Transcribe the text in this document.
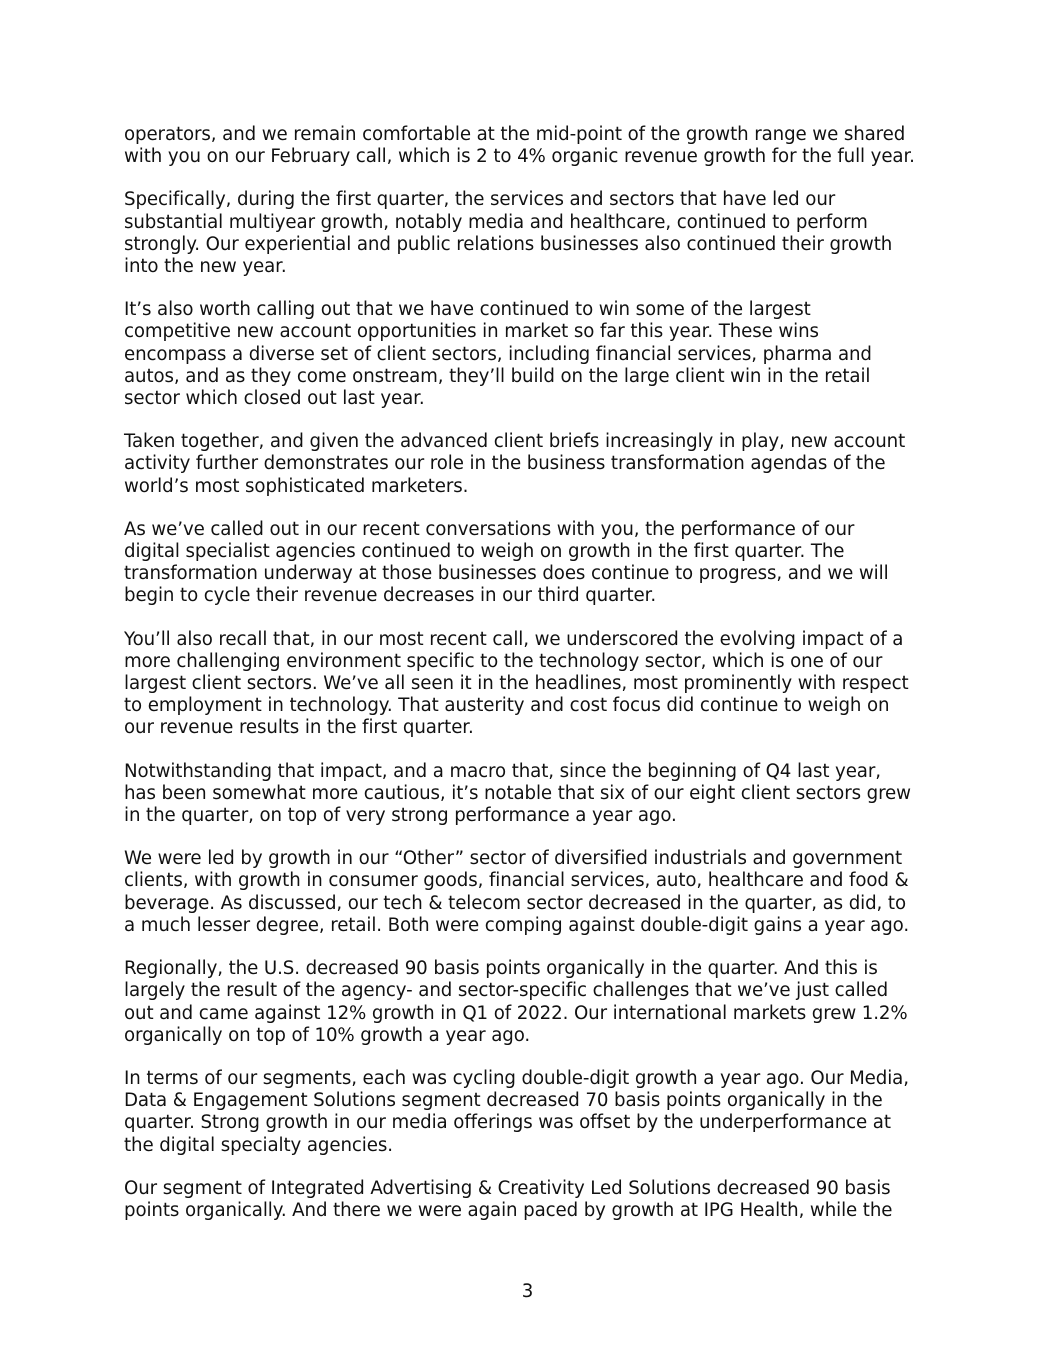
operators, and we remain comfortable at the mid-point of the growth range we shared
with you on our February call, which is 2 to 4% organic revenue growth for the full year.

Specifically, during the first quarter, the services and sectors that have led our
substantial multiyear growth, notably media and healthcare, continued to perform
strongly. Our experiential and public relations businesses also continued their growth
into the new year.

It’s also worth calling out that we have continued to win some of the largest
competitive new account opportunities in market so far this year. These wins
encompass a diverse set of client sectors, including financial services, pharma and
autos, and as they come onstream, they’ll build on the large client win in the retail
sector which closed out last year.

Taken together, and given the advanced client briefs increasingly in play, new account
activity further demonstrates our role in the business transformation agendas of the
world’s most sophisticated marketers.

As we’ve called out in our recent conversations with you, the performance of our
digital specialist agencies continued to weigh on growth in the first quarter. The
transformation underway at those businesses does continue to progress, and we will
begin to cycle their revenue decreases in our third quarter.

You’ll also recall that, in our most recent call, we underscored the evolving impact of a
more challenging environment specific to the technology sector, which is one of our
largest client sectors. We’ve all seen it in the headlines, most prominently with respect
to employment in technology. That austerity and cost focus did continue to weigh on
our revenue results in the first quarter.

Notwithstanding that impact, and a macro that, since the beginning of Q4 last year,
has been somewhat more cautious, it’s notable that six of our eight client sectors grew
in the quarter, on top of very strong performance a year ago.

We were led by growth in our “Other” sector of diversified industrials and government
clients, with growth in consumer goods, financial services, auto, healthcare and food &
beverage. As discussed, our tech & telecom sector decreased in the quarter, as did, to
a much lesser degree, retail. Both were comping against double-digit gains a year ago.

Regionally, the U.S. decreased 90 basis points organically in the quarter. And this is
largely the result of the agency- and sector-specific challenges that we’ve just called
out and came against 12% growth in Q1 of 2022. Our international markets grew 1.2%
organically on top of 10% growth a year ago.

In terms of our segments, each was cycling double-digit growth a year ago. Our Media,
Data & Engagement Solutions segment decreased 70 basis points organically in the
quarter. Strong growth in our media offerings was offset by the underperformance at
the digital specialty agencies.

Our segment of Integrated Advertising & Creativity Led Solutions decreased 90 basis
points organically. And there we were again paced by growth at IPG Health, while the

3
